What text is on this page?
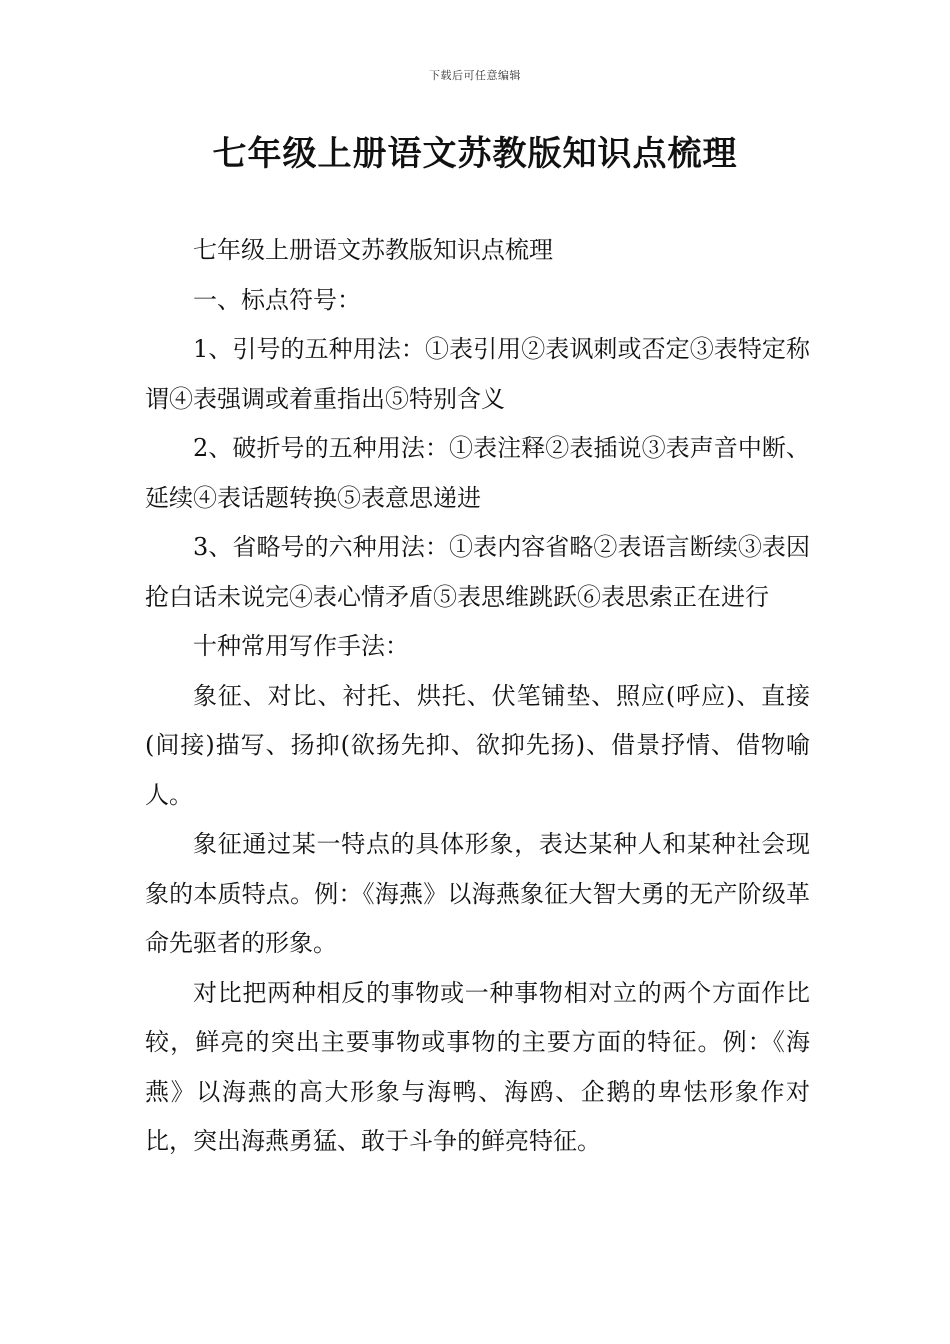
下载后可任意编辑
七年级上册语文苏教版知识点梳理

七年级上册语文苏教版知识点梳理

一、标点符号：

1、引号的五种用法：①表引用②表讽刺或否定③表特定称谓④表强调或着重指出⑤特别含义

2、破折号的五种用法：①表注释②表插说③表声音中断、延续④表话题转换⑤表意思递进

3、省略号的六种用法：①表内容省略②表语言断续③表因抢白话未说完④表心情矛盾⑤表思维跳跃⑥表思索正在进行

十种常用写作手法：

象征、对比、衬托、烘托、伏笔铺垫、照应(呼应)、直接(间接)描写、扬抑(欲扬先抑、欲抑先扬)、借景抒情、借物喻人。

象征通过某一特点的具体形象，表达某种人和某种社会现象的本质特点。例：《海燕》以海燕象征大智大勇的无产阶级革命先驱者的形象。

对比把两种相反的事物或一种事物相对立的两个方面作比较，鲜亮的突出主要事物或事物的主要方面的特征。例：《海燕》以海燕的高大形象与海鸭、海鸥、企鹅的卑怯形象作对比，突出海燕勇猛、敢于斗争的鲜亮特征。
